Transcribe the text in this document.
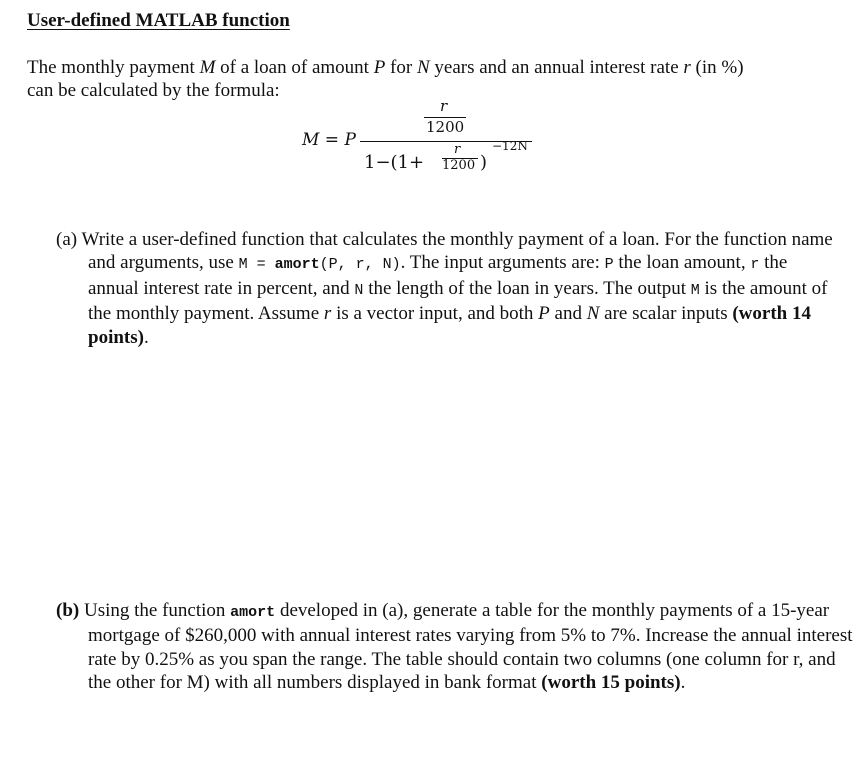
User-defined MATLAB function
The monthly payment M of a loan of amount P for N years and an annual interest rate r (in %)
can be calculated by the formula:
M = P
r
1200
1−(1+
r
1200 )
−12N
(a) Write a user-defined function that calculates the monthly payment of a loan. For the function name and arguments, use M = amort(P, r, N). The input arguments are: P the loan amount, r the annual interest rate in percent, and N the length of the loan in years. The output M is the amount of the monthly payment. Assume r is a vector input, and both P and N are scalar inputs (worth 14 points).
(b) Using the function amort developed in (a), generate a table for the monthly payments of a 15-year mortgage of $260,000 with annual interest rates varying from 5% to 7%. Increase the annual interest rate by 0.25% as you span the range. The table should contain two columns (one column for r, and the other for M) with all numbers displayed in bank format (worth 15 points).
